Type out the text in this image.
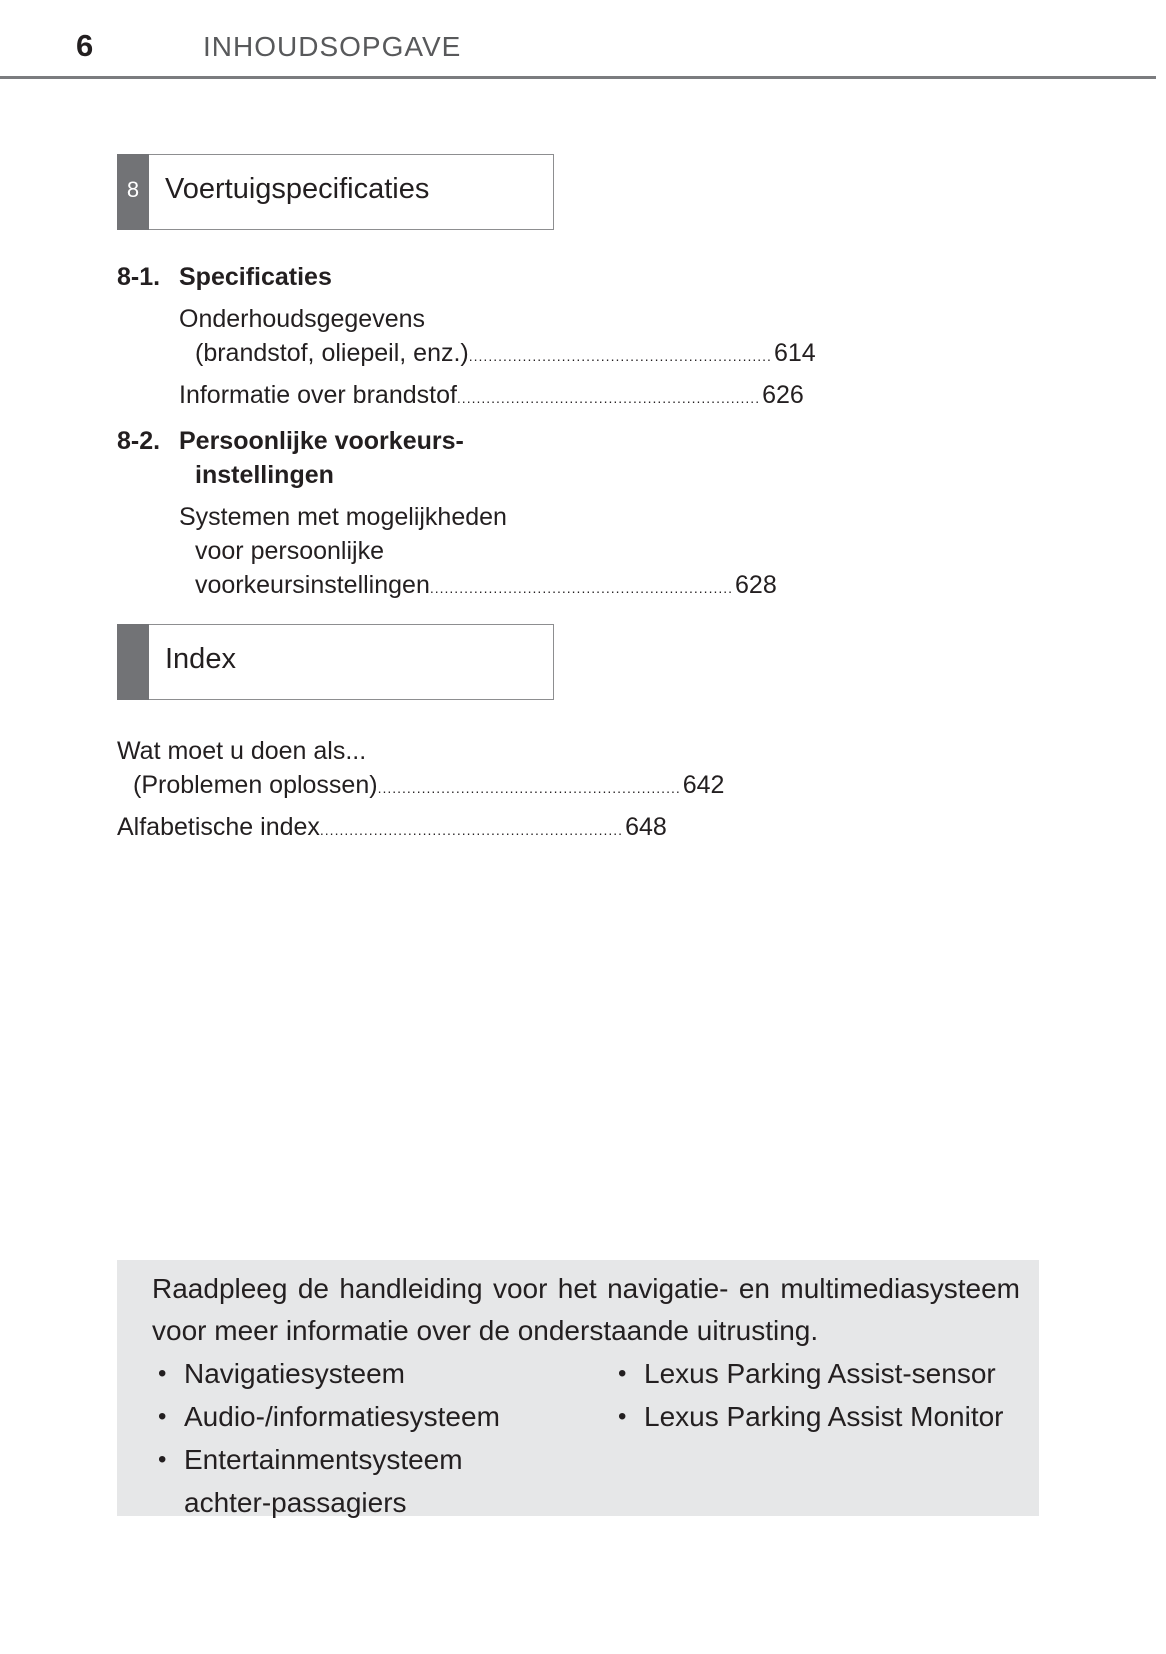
6	INHOUDSOPGAVE
8 Voertuigspecificaties
8-1. Specificaties
Onderhoudsgegevens
(brandstof, oliepeil, enz.) .............................................................. 614
Informatie over brandstof .............................................................. 626
8-2. Persoonlijke voorkeurs-
instellingen
Systemen met mogelijkheden
voor persoonlijke
voorkeursinstellingen .............................................................. 628
Index
Wat moet u doen als...
(Problemen oplossen) .............................................................. 642
Alfabetische index .............................................................. 648
Raadpleeg de handleiding voor het navigatie- en multimediasysteem voor meer informatie over de onderstaande uitrusting.
• Navigatiesysteem
• Audio-/informatiesysteem
• Entertainmentsysteem achter-passagiers
• Lexus Parking Assist-sensor
• Lexus Parking Assist Monitor
